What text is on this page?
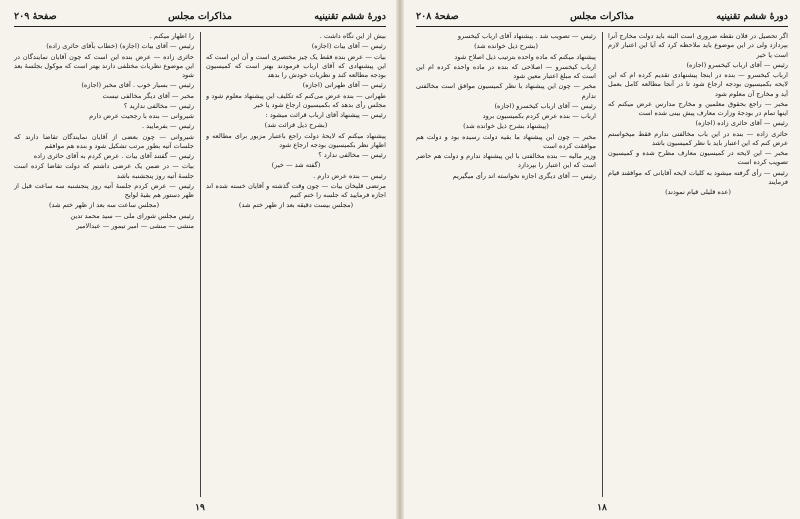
دورهٔ ششم تقنینیه
مذاکرات مجلس
صفحهٔ ۲۰۹

بیش از این نگاه داشت .

رئیس — آقای بیات (اجازه)

بیات — عرض بنده فقط یک چیز مختصری است و آن این است که این پیشنهادی که آقای ارباب فرمودند بهتر است که کمیسیون بودجه مطالعه کند و نظریات خودش را بدهد

رئیس — آقای طهرانی (اجازه)

طهرانی — بنده عرض می‌کنم که تکلیف این پیشنهاد معلوم شود و مجلس رأی بدهد که بکمیسیون ارجاع شود یا خیر

رئیس — پیشنهاد آقای ارباب قرائت میشود :

(بشرح ذیل قرائت شد)

پیشنهاد میکنم که لایحهٔ دولت راجع باعتبار مزبور برای مطالعه و اظهار نظر بکمیسیون بودجه ارجاع شود

رئیس — مخالفی ندارد ؟

(گفته شد — خیر)

رئیس — بنده عرض دارم .

مرتضی قلیخان بیات — چون وقت گذشته و آقایان خسته شده اند اجازه فرمایید که جلسه را ختم کنیم

(مجلس بیست دقیقه بعد از ظهر ختم شد)

را اظهار میکنم .

رئیس — آقای بیات (اجازه) (خطاب بآقای حائری زاده)

حائری زاده — عرض بنده این است که چون آقایان نمایندگان در این موضوع نظریات مختلفی دارند بهتر است که موکول بجلسهٔ بعد شود

رئیس — بسیار خوب . آقای مخبر (اجازه)

مخبر — آقای دیگر مخالفی نیست

رئیس — مخالفی ندارید ؟

شیروانی — بنده با رجحیت عرض دارم

رئیس — بفرمایید .

شیروانی — چون بعضی از آقایان نمایندگان تقاضا دارند که جلسات آتیه بطور مرتب تشکیل شود و بنده هم موافقم

رئیس — گفتند آقای بیات . عرض کردم به آقای حائری زاده

بیات — در ضمن یک عرضی داشتم که دولت تقاضا کرده است جلسهٔ آتیه روز پنجشنبه باشد

رئیس — عرض کردم جلسهٔ آتیه روز پنجشنبه سه ساعت قبل از ظهر دستور هم بقیهٔ لوایح

(مجلس ساعت سه بعد از ظهر ختم شد)

رئیس مجلس شورای ملی — سید محمد تدین

منشی — منشی — امیر تیمور — عبدالامیر

۱۹
دورهٔ ششم تقنینیه
مذاکرات مجلس
صفحهٔ ۲۰۸

اگر تحصیل در فلان نقطه ضروری است البته باید دولت مخارج آنرا بپردازد ولی در این موضوع باید ملاحظه کرد که آیا این اعتبار لازم است یا خیر

رئیس — آقای ارباب کیخسرو (اجازه)

ارباب کیخسرو — بنده در اینجا پیشنهادی تقدیم کرده ام که این لایحه بکمیسیون بودجه ارجاع شود تا در آنجا مطالعه کامل بعمل آید و مخارج آن معلوم شود

مخبر — راجع بحقوق معلمین و مخارج مدارس عرض میکنم که اینها تمام در بودجهٔ وزارت معارف پیش بینی شده است

رئیس — آقای حائری زاده (اجازه)

حائری زاده — بنده در این باب مخالفتی ندارم فقط میخواستم عرض کنم که این اعتبار باید با نظر کمیسیون باشد

مخبر — این لایحه در کمیسیون معارف مطرح شده و کمیسیون تصویب کرده است

رئیس — رأی گرفته میشود به کلیات لایحه آقایانی که موافقند قیام فرمایند

(عده قلیلی قیام نمودند)

رئیس — تصویب شد . پیشنهاد آقای ارباب کیخسرو

(بشرح ذیل خوانده شد)

پیشنهاد میکنم که ماده واحده بترتیب ذیل اصلاح شود

ارباب کیخسرو — اصلاحی که بنده در ماده واحده کرده ام این است که مبلغ اعتبار معین شود

مخبر — چون این پیشنهاد با نظر کمیسیون موافق است مخالفتی ندارم

رئیس — آقای ارباب کیخسرو (اجازه)

ارباب — بنده عرض کردم بکمیسیون برود

(پیشنهاد بشرح ذیل خوانده شد)

مخبر — چون این پیشنهاد ما بقیه دولت رسیده بود و دولت هم موافقت کرده است

وزیر مالیه — بنده مخالفتی با این پیشنهاد ندارم و دولت هم حاضر است که این اعتبار را بپردازد

رئیس — آقای دیگری اجازه نخواسته اند رأی میگیریم

۱۸
